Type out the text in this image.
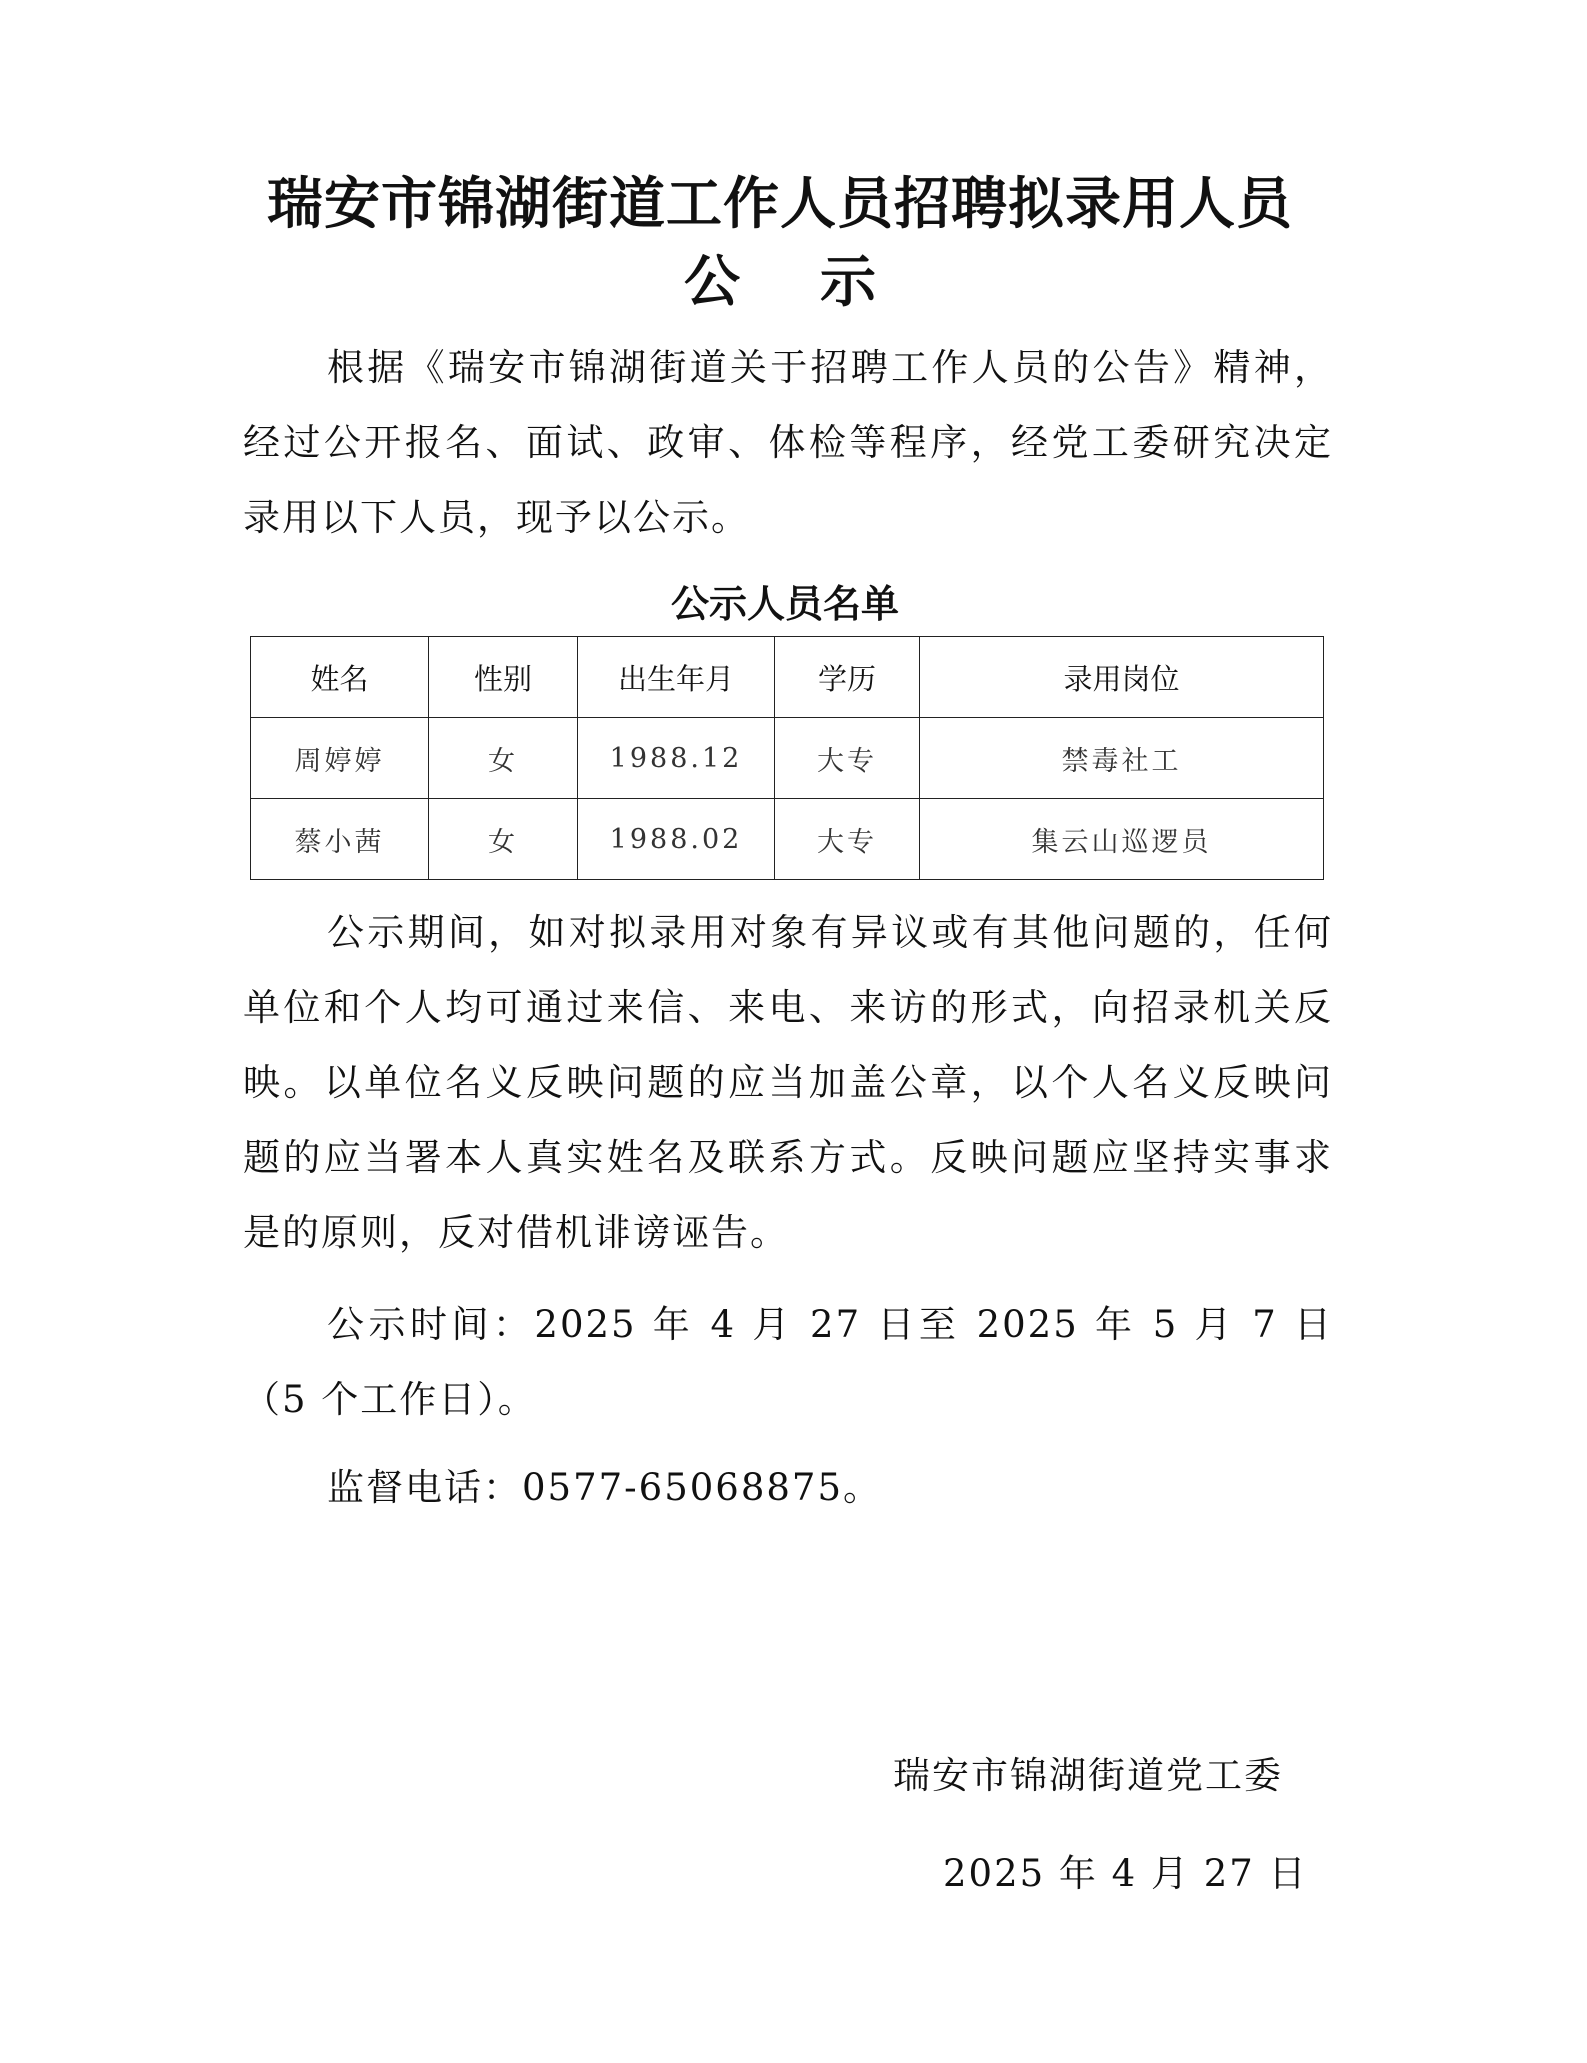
瑞安市锦湖街道工作人员招聘拟录用人员
公示
根据《瑞安市锦湖街道关于招聘工作人员的公告》精神，经过公开报名、面试、政审、体检等程序，经党工委研究决定录用以下人员，现予以公示。
公示人员名单
姓名	性别	出生年月	学历	录用岗位
周婷婷	女	1988.12	大专	禁毒社工
蔡小茜	女	1988.02	大专	集云山巡逻员
公示期间，如对拟录用对象有异议或有其他问题的，任何单位和个人均可通过来信、来电、来访的形式，向招录机关反映。以单位名义反映问题的应当加盖公章，以个人名义反映问题的应当署本人真实姓名及联系方式。反映问题应坚持实事求是的原则，反对借机诽谤诬告。
公示时间：2025 年 4 月 27 日至 2025 年 5 月 7 日（5 个工作日）。
监督电话：0577-65068875。
瑞安市锦湖街道党工委
2025 年 4 月 27 日
